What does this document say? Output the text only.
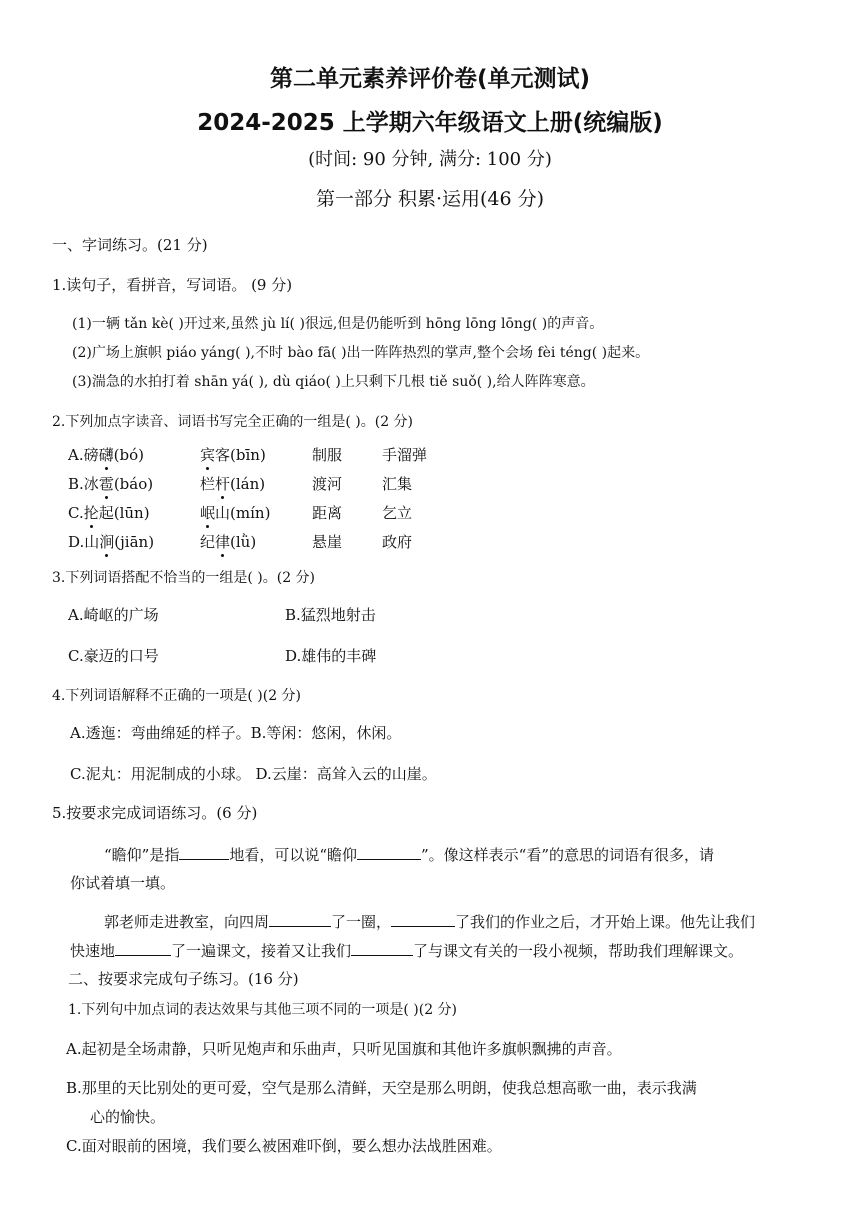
第二单元素养评价卷(单元测试)
2024-2025 上学期六年级语文上册(统编版)
(时间: 90 分钟, 满分: 100 分)
第一部分 积累·运用(46 分)
一、字词练习。(21 分)
1.读句子，看拼音，写词语。 (9 分)
(1)一辆 tǎn kè( )开过来,虽然 jù lí( )很远,但是仍能听到 hōng lōng lōng( )的声音。
(2)广场上旗帜 piáo yáng( ),不时 bào fā( )出一阵阵热烈的掌声,整个会场 fèi téng( )起来。
(3)湍急的水拍打着 shān yá( ), dù qiáo( )上只剩下几根 tiě suǒ( ),给人阵阵寒意。
2.下列加点字读音、词语书写完全正确的一组是( )。(2 分)
A.磅礴(bó)	宾客(bīn)	制服	手溜弹
B.冰雹(báo)	栏杆(lán)	渡河	汇集
C.抡起(lūn)	岷山(mín)	距离	乞立
D.山涧(jiān)	纪律(lǜ)	悬崖	政府
3.下列词语搭配不恰当的一组是( )。(2 分)
A.崎岖的广场	B.猛烈地射击
C.豪迈的口号	D.雄伟的丰碑
4.下列词语解释不正确的一项是( )(2 分)
A.透迤：弯曲绵延的样子。B.等闲：悠闲，休闲。
C.泥丸：用泥制成的小球。 D.云崖：高耸入云的山崖。
5.按要求完成词语练习。(6 分)
“瞻仰”是指	地看，可以说“瞻仰	”。像这样表示“看”的意思的词语有很多，请
你试着填一填。
郭老师走进教室，向四周	了一圈，	了我们的作业之后，才开始上课。他先让我们
快速地	了一遍课文，接着又让我们	了与课文有关的一段小视频，帮助我们理解课文。
二、按要求完成句子练习。(16 分)
1.下列句中加点词的表达效果与其他三项不同的一项是( )(2 分)
A.起初是全场肃静，只听见炮声和乐曲声，只听见国旗和其他许多旗帜飘拂的声音。
B.那里的天比别处的更可爱，空气是那么清鲜，天空是那么明朗，使我总想高歌一曲，表示我满
心的愉快。
C.面对眼前的困境，我们要么被困难吓倒，要么想办法战胜困难。
